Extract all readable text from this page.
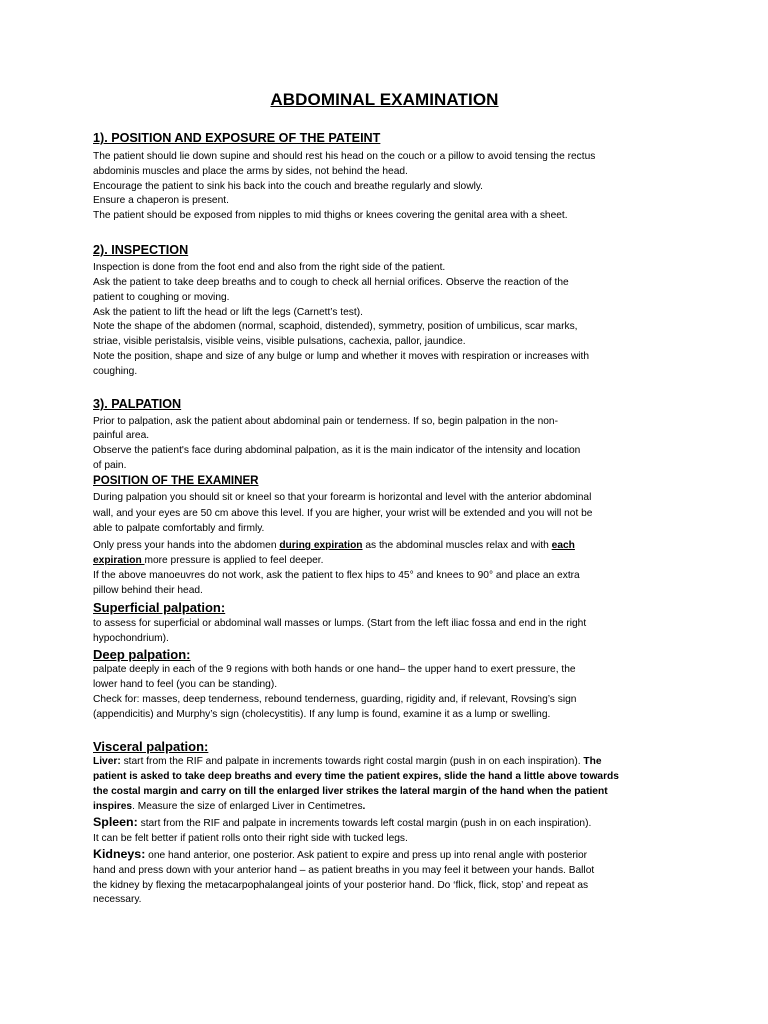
ABDOMINAL EXAMINATION
1). POSITION AND EXPOSURE OF THE PATEINT
The patient should lie down supine and should rest his head on the couch or a pillow to avoid tensing the rectus
abdominis muscles and place the arms by sides, not behind the head.
Encourage the patient to sink his back into the couch and breathe regularly and slowly.
Ensure a chaperon is present.
The patient should be exposed from nipples to mid thighs or knees covering the genital area with a sheet.
2). INSPECTION
Inspection is done from the foot end and also from the right side of the patient.
Ask the patient to take deep breaths and to cough to check all hernial orifices. Observe the reaction of the
patient to coughing or moving.
Ask the patient to lift the head or lift the legs (Carnett’s test).
Note the shape of the abdomen (normal, scaphoid, distended), symmetry, position of umbilicus, scar marks,
striae, visible peristalsis, visible veins, visible pulsations, cachexia, pallor, jaundice.
Note the position, shape and size of any bulge or lump and whether it moves with respiration or increases with
coughing.
3). PALPATION
Prior to palpation, ask the patient about abdominal pain or tenderness. If so, begin palpation in the non-
painful area.
Observe the patient's face during abdominal palpation, as it is the main indicator of the intensity and location
of pain.
POSITION OF THE EXAMINER
During palpation you should sit or kneel so that your forearm is horizontal and level with the anterior abdominal
wall, and your eyes are 50 cm above this level. If you are higher, your wrist will be extended and you will not be
able to palpate comfortably and firmly.
Only press your hands into the abdomen during expiration as the abdominal muscles relax and with each
expiration more pressure is applied to feel deeper.
If the above manoeuvres do not work, ask the patient to flex hips to 45° and knees to 90° and place an extra
pillow behind their head.
Superficial palpation:
to assess for superficial or abdominal wall masses or lumps. (Start from the left iliac fossa and end in the right
hypochondrium).
Deep palpation:
palpate deeply in each of the 9 regions with both hands or one hand– the upper hand to exert pressure, the
lower hand to feel (you can be standing).
Check for: masses, deep tenderness, rebound tenderness, guarding, rigidity and, if relevant, Rovsing’s sign
(appendicitis) and Murphy’s sign (cholecystitis). If any lump is found, examine it as a lump or swelling.
Visceral palpation:
Liver: start from the RIF and palpate in increments towards right costal margin (push in on each inspiration). The
patient is asked to take deep breaths and every time the patient expires, slide the hand a little above towards
the costal margin and carry on till the enlarged liver strikes the lateral margin of the hand when the patient
inspires. Measure the size of enlarged Liver in Centimetres.
Spleen: start from the RIF and palpate in increments towards left costal margin (push in on each inspiration).
It can be felt better if patient rolls onto their right side with tucked legs.
Kidneys: one hand anterior, one posterior. Ask patient to expire and press up into renal angle with posterior
hand and press down with your anterior hand – as patient breaths in you may feel it between your hands. Ballot
the kidney by flexing the metacarpophalangeal joints of your posterior hand. Do ‘flick, flick, stop’ and repeat as
necessary.
